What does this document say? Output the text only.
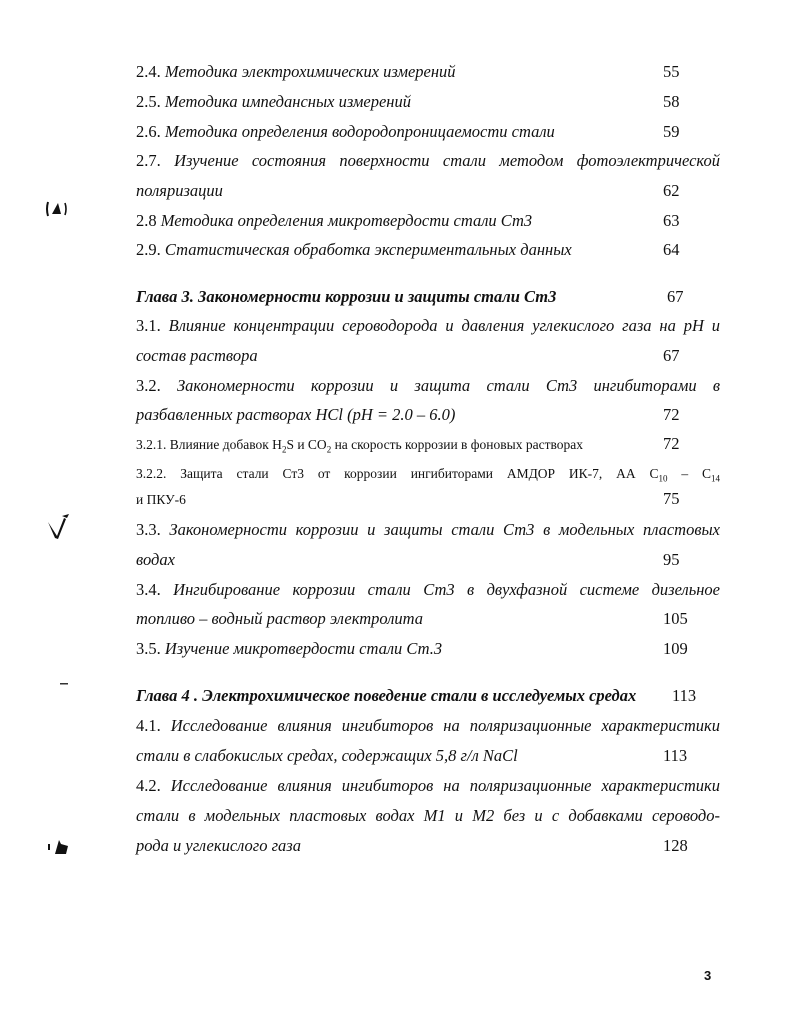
2.4. Методика электрохимических измерений	55
2.5. Методика импедансных измерений	58
2.6. Методика определения водородопроницаемости стали	59
2.7. Изучение состояния поверхности стали методом фотоэлектрической
поляризации	62
2.8 Методика определения микротвердости стали Ст3	63
2.9. Статистическая обработка экспериментальных данных	64
Глава 3. Закономерности коррозии и защиты стали Ст3	67
3.1. Влияние концентрации сероводорода и давления углекислого газа на pH и
состав раствора	67
3.2. Закономерности коррозии и защита стали Ст3 ингибиторами в
разбавленных растворах HCl (pH = 2.0 – 6.0)	72
3.2.1. Влияние добавок $H_2S$ и $CO_2$ на скорость коррозии в фоновых растворах	72
3.2.2. Защита стали Ст3 от коррозии ингибиторами АМДОР ИК-7, АА $C_{10} - C_{14}$
и ПКУ-6	75
3.3. Закономерности коррозии и защиты стали Ст3 в модельных пластовых
водах	95
3.4. Ингибирование коррозии стали Ст3 в двухфазной системе дизельное
топливо – водный раствор электролита	105
3.5. Изучение микротвердости стали Ст.3	109
Глава 4 . Электрохимическое поведение стали в исследуемых средах	113
4.1. Исследование влияния ингибиторов на поляризационные характеристики
стали в слабокислых средах, содержащих 5,8 г/л NaCl	113
4.2. Исследование влияния ингибиторов на поляризационные характеристики
стали в модельных пластовых водах М1 и М2 без и с добавками сероводо-
рода и углекислого газа	128
3
